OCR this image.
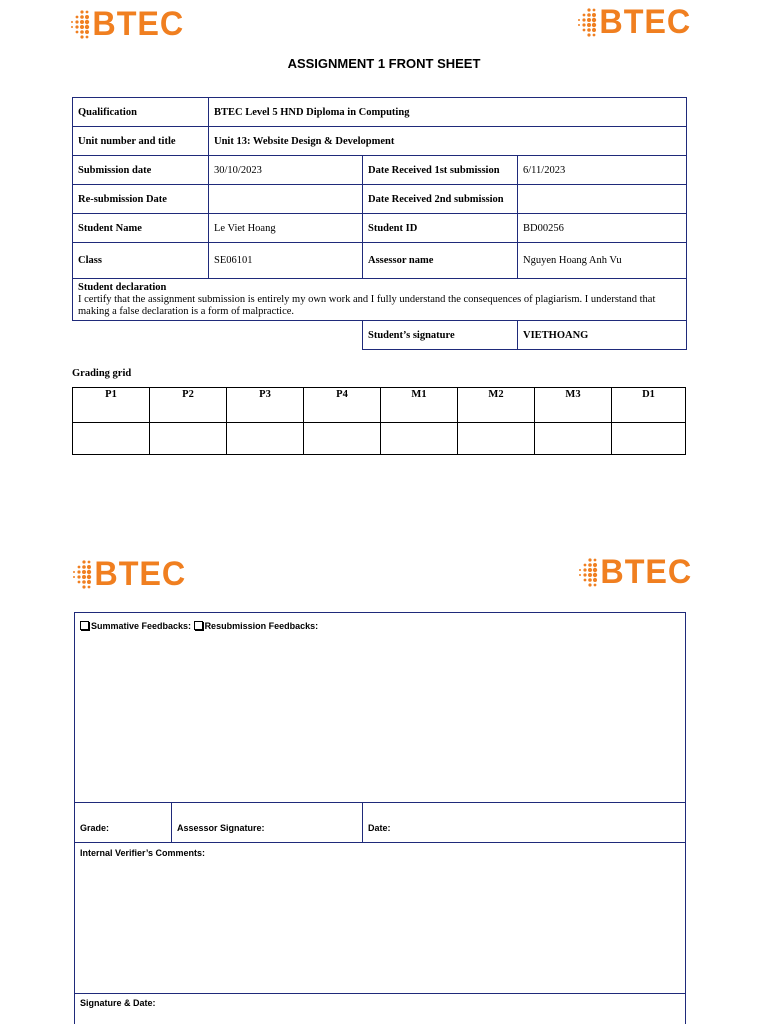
BTEC	BTEC
ASSIGNMENT 1 FRONT SHEET
Qualification	BTEC Level 5 HND Diploma in Computing		
Unit number and title	Unit 13: Website Design & Development		
Submission date	30/10/2023	Date Received 1st submission	6/11/2023
Re-submission Date		Date Received 2nd submission	
Student Name	Le Viet Hoang	Student ID	BD00256
Class	SE06101	Assessor name	Nguyen Hoang Anh Vu

Student declaration
I certify that the assignment submission is entirely my own work and I fully understand the consequences of plagiarism. I understand that making a false declaration is a form of malpractice.			

		Student’s signature	VIETHOANG
Grading grid
P1	P2	P3	P4	M1	M2	M3	D1

BTEC	BTEC
Summative Feedbacks: Resubmission Feedbacks:
Grade:	Assessor Signature:	Date:
Internal Verifier’s Comments:
Signature & Date:
